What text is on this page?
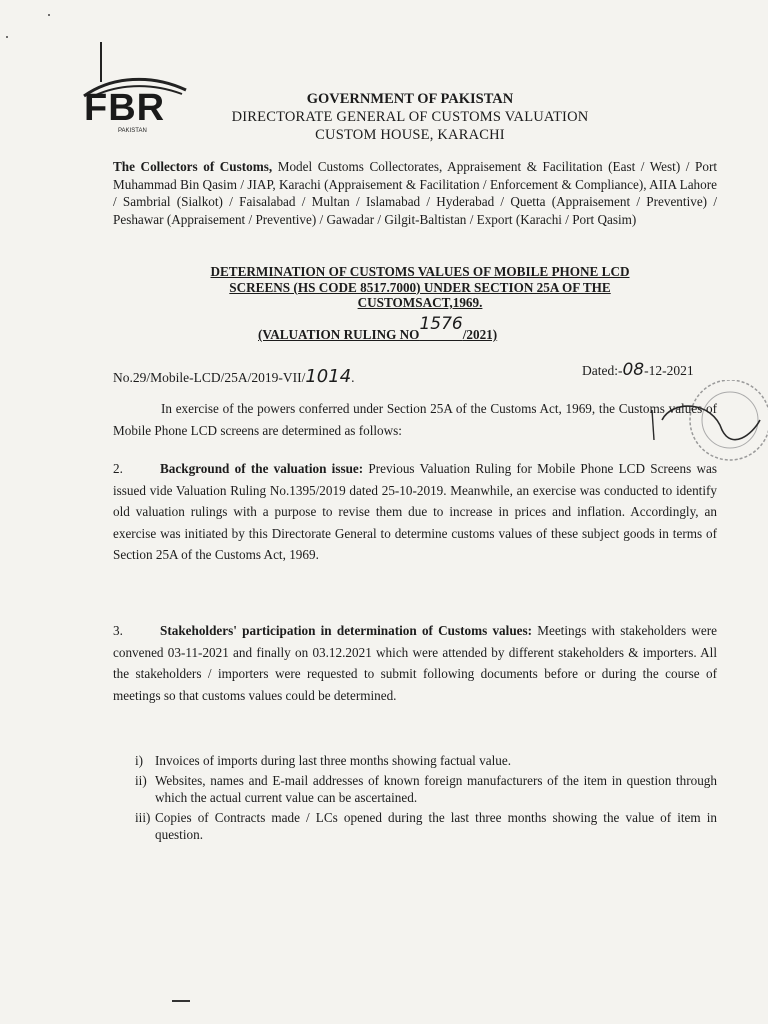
FBR
PAKISTAN
GOVERNMENT OF PAKISTAN
DIRECTORATE GENERAL OF CUSTOMS VALUATION
CUSTOM HOUSE, KARACHI
The Collectors of Customs, Model Customs Collectorates, Appraisement & Facilitation (East / West) / Port Muhammad Bin Qasim / JIAP, Karachi (Appraisement & Facilitation / Enforcement & Compliance), AIIA Lahore / Sambrial (Sialkot) / Faisalabad / Multan / Islamabad / Hyderabad / Quetta (Appraisement / Preventive) / Peshawar (Appraisement / Preventive) / Gawadar / Gilgit-Baltistan / Export (Karachi / Port Qasim)
DETERMINATION OF CUSTOMS VALUES OF MOBILE PHONE LCD
SCREENS (HS CODE 8517.7000) UNDER SECTION 25A OF THE
CUSTOMSACT,1969.
(VALUATION RULING NO1576/2021)
No.29/Mobile-LCD/25A/2019-VII/1014.	Dated:-08-12-2021
In exercise of the powers conferred under Section 25A of the Customs Act, 1969, the Customs values of Mobile Phone LCD screens are determined as follows:
2.	Background of the valuation issue: Previous Valuation Ruling for Mobile Phone LCD Screens was issued vide Valuation Ruling No.1395/2019 dated 25-10-2019. Meanwhile, an exercise was conducted to identify old valuation rulings with a purpose to revise them due to increase in prices and inflation. Accordingly, an exercise was initiated by this Directorate General to determine customs values of these subject goods in terms of Section 25A of the Customs Act, 1969.
3.	Stakeholders' participation in determination of Customs values: Meetings with stakeholders were convened 03-11-2021 and finally on 03.12.2021 which were attended by different stakeholders & importers. All the stakeholders / importers were requested to submit following documents before or during the course of meetings so that customs values could be determined.
i) Invoices of imports during last three months showing factual value.
ii) Websites, names and E-mail addresses of known foreign manufacturers of the item in question through which the actual current value can be ascertained.
iii) Copies of Contracts made / LCs opened during the last three months showing the value of item in question.
